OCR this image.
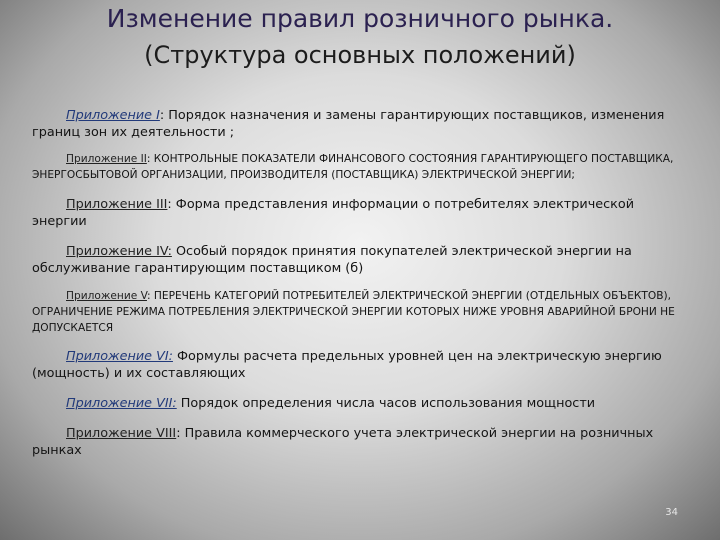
Изменение правил розничного рынка.
(Структура основных положений)

Приложение I: Порядок назначения и замены гарантирующих поставщиков, изменения границ зон их деятельности ;

Приложение II: КОНТРОЛЬНЫЕ ПОКАЗАТЕЛИ ФИНАНСОВОГО СОСТОЯНИЯ ГАРАНТИРУЮЩЕГО ПОСТАВЩИКА, ЭНЕРГОСБЫТОВОЙ ОРГАНИЗАЦИИ, ПРОИЗВОДИТЕЛЯ (ПОСТАВЩИКА) ЭЛЕКТРИЧЕСКОЙ ЭНЕРГИИ;

Приложение III: Форма представления информации о потребителях электрической энергии

Приложение IV: Особый порядок принятия покупателей электрической энергии на обслуживание гарантирующим поставщиком (б)

Приложение V: ПЕРЕЧЕНЬ КАТЕГОРИЙ ПОТРЕБИТЕЛЕЙ ЭЛЕКТРИЧЕСКОЙ ЭНЕРГИИ (ОТДЕЛЬНЫХ ОБЪЕКТОВ), ОГРАНИЧЕНИЕ РЕЖИМА ПОТРЕБЛЕНИЯ ЭЛЕКТРИЧЕСКОЙ ЭНЕРГИИ КОТОРЫХ НИЖЕ УРОВНЯ АВАРИЙНОЙ БРОНИ НЕ ДОПУСКАЕТСЯ

Приложение VI: Формулы расчета предельных уровней цен на электрическую энергию (мощность) и их составляющих

Приложение VII: Порядок определения числа часов использования мощности

Приложение VIII: Правила коммерческого учета электрической энергии на розничных рынках

34
